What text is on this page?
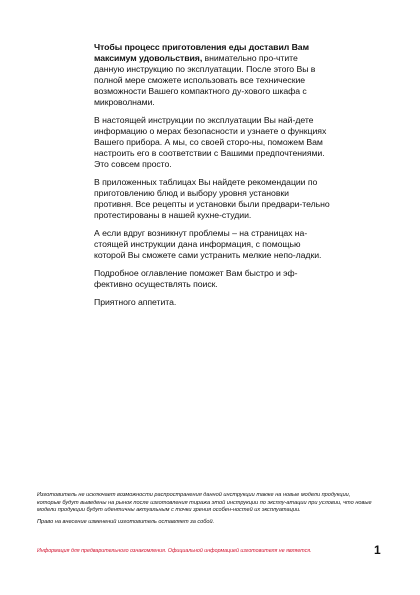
Чтобы процесс приготовления еды доставил Вам максимум удовольствия, внимательно про-чтите данную инструкцию по эксплуатации. После этого Вы в полной мере сможете использовать все технические возможности Вашего компактного ду-хового шкафа с микроволнами.

В настоящей инструкции по эксплуатации Вы най-дете информацию о мерах безопасности и узнаете о функциях Вашего прибора. А мы, со своей сторо-ны, поможем Вам настроить его в соответствии с Вашими предпочтениями. Это совсем просто.

В приложенных таблицах Вы найдете рекомендации по приготовлению блюд и выбору уровня установки противня. Все рецепты и установки были предвари-тельно протестированы в нашей кухне-студии.

А если вдруг возникнут проблемы – на страницах на-стоящей инструкции дана информация, с помощью которой Вы сможете сами устранить мелкие непо-ладки.

Подробное оглавление поможет Вам быстро и эф-фективно осуществлять поиск.

Приятного аппетита.

Изготовитель не исключает возможности распространения данной инструкции также на новые модели продукции, которые будут выведены на рынок после изготовления тиража этой инструкции по эксплу-атации при условии, что новые модели продукции будут идентичны актуальным с точки зрения особен-ностей их эксплуатации.

Право на внесение изменений изготовитель оставляет за собой.

Информация для предварительного ознакомления. Официальной информацией изготовителя не является.	1
